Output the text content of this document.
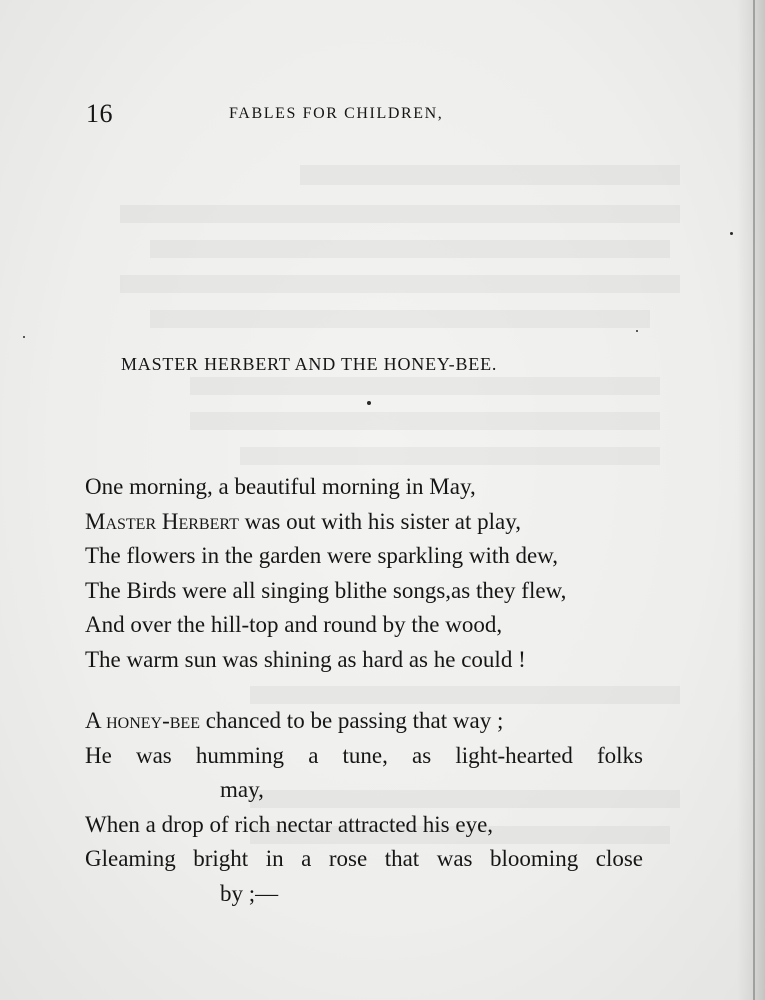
16	FABLES FOR CHILDREN,
MASTER HERBERT AND THE HONEY-BEE.
One morning, a beautiful morning in May,
Master Herbert was out with his sister at play,
The flowers in the garden were sparkling with dew,
The Birds were all singing blithe songs,as they flew,
And over the hill-top and round by the wood,
The warm sun was shining as hard as he could !
A honey-bee chanced to be passing that way ;
He was humming a tune, as light-hearted folks
may,
When a drop of rich nectar attracted his eye,
Gleaming bright in a rose that was blooming close
by ;—
